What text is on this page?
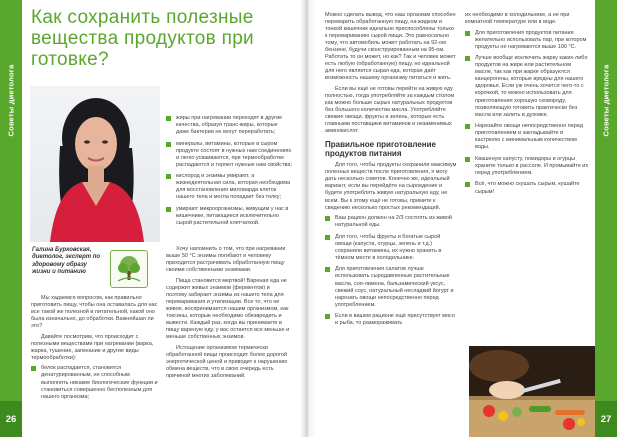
Советы диетолога
26
Как сохранить полезные вещества продуктов при готовке?
Галина Бурковская, диетолог, эксперт по здоровому образу жизни и питанию

Мы хадаемся вопросом, как правильно приготовить пищу, чтобы она оставалась для нас все такой же полезной и питательной, какой оно была изначально, до обработки. Важнейшая ли это?

Давайте посмотрим, что происходит с полезными веществами при нагревании (варка, жарка, тушение, запекание и другие виды термообработки):

белок распадается, становится денатурированным, не способным выполнять никакие биологические функции и становиться совершенно бесполезным для нашего организма;
жиры при нагревании переходят в другие качества, образуя транс-жиры, которые даже бактерии не могут переработать;
минералы, витамины, которые в сыром продукте состоят в нужных нам соединениях и легко усваиваются, при термообработке распадаются и теряют нужные нам свойства;
кислород и энзимы умирают, а жизнедеятельная сила, которая необходима для восстановления миллиарда клеток нашего тела и могла попадает без толку;
умирают микроорганизмы, живущим у нас в кишечнике, питающиеся исключительно сырой растительной клетчаткой.

Хочу напомнить о том, что при нагревании выше 50 °С энзимы погибают и человеку приходится растрачивать обработанную пищу своими собственными энзимами.

Пища становится мертвой! Вареная еда не содержит живых энзимов (ферментов) и поэтому забирает энзимы из нашего тела для переваривания и утилизации. Все то, что не живое, воспринимается нашим организмом, как токсины, которые необходимо обезвредить и вывести. Каждый раз, когда вы принимаете в пищу вареную еду, у вас остается все меньше и меньше собственных энзимов.

Истощение организмом термически обработанной пищи происходит более дорогой энергетической ценой и приводит к нарушению обмена веществ, что в свою очередь есть причиной многих заболеваний.

Можно сделать вывод, что наш организм способен переварить обработанную пищу, на жидком и тонкой кишечник идеально приспособлены только к перевариванию сырой пищи. Это равносильно тому, что автомобиль может работать на 92-ом бензине, будучи сконструированным на 95-ом. Работать то он может, но как? Так и человек может есть любую (обработанную) пищу, но идеальной для него является сырая еда, которая даёт возможность нашему организму питаться и жить.

Если вы ещё не готовы перейти на живую еду полностью, тогда употребляйте за каждым столом как можно больше сырых натуральных продуктов без большого количества масла. Употребляйте свежие овощи, фрукты и зелень, которые есть главными поставщики витаминов и незаменимых аминокислот.

Правильное приготовление продуктов питания

Для того, чтобы продукты сохранили максимум полезных веществ после приготовления, я могу дать несколько советов. Конечно же, идеальный вариант, если вы перейдёте на сыроедение и будете употреблять живую натуральную еду, не всем. Вы к этому ещё не готовы, примите к сведению несколько простых рекомендаций.

Ваш рацион должен на 2/3 состоять из живой натуральной еды.
Для того, чтобы фрукты и богатые сырой овощи (капуста, огурцы, зелень и т.д.) сохранили витамины, их нужно хранить в тёмном месте в холодильнике.
Для приготовления салатов лучше использовать сыродавленные растительные масла, соя-лимона, бальзамический уксус, свежий соус, натуральный несладкий йогурт и нарезать овощи непосредственно перед употреблением.
Если в вашем рационе ещё присутствует мясо и рыба, то размораживать

их необходимо в холодильнике, а не при комнатной температуре или в воде.

Для приготовления продуктов питания желательно использовать пар, при котором продукты не нагреваются выше 100 °С.
Лучше вообще исключить жарку каких-либо продуктов на жире или растительном масле, так как при жарке образуются канцерогены, которые вредны для нашего здоровья. Если уж очень хочется чего-то с корочкой, то можно использовать для приготовления хорошую сковороду, позволяющую готовить практически без масла или залить в духовке.
Нарезайте овощи непосредственно перед приготовлением и закладывайте в кастрюлю с минимальным количеством воды.
Квашеную капусту, помидоры и огурцы храните только в рассоле. И промывайте их перед употреблением.
Всё, что можно скушать сырым, кушайте сырым!
Советы диетолога
27
